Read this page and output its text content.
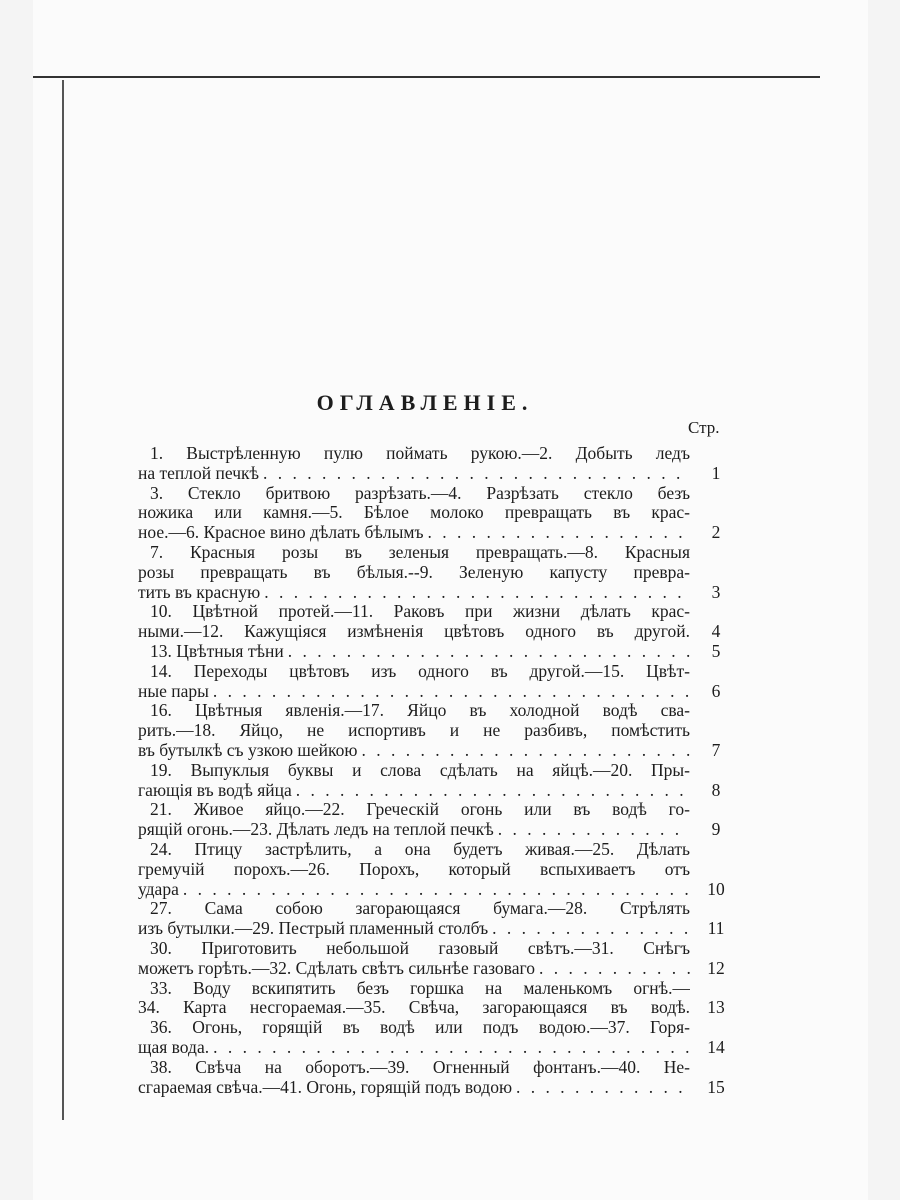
ОГЛАВЛЕНІЕ.
Стр.
1. Выстрѣленную пулю поймать рукою.—2. Добыть ледъ
на теплой печкѣ . . .	1
3. Стекло бритвою разрѣзать.—4. Разрѣзать стекло безъ
ножика или камня.—5. Бѣлое молоко превращать въ крас-
ное.—6. Красное вино дѣлать бѣлымъ . . .	2
7. Красныя розы въ зеленыя превращать.—8. Красныя
розы превращать въ бѣлыя.--9. Зеленую капусту превра-
тить въ красную . . .	3
10. Цвѣтной протей.—11. Раковъ при жизни дѣлать крас-
ными.—12. Кажущіяся измѣненія цвѣтовъ одного въ другой.	4
13. Цвѣтныя тѣни . . .	5
14. Переходы цвѣтовъ изъ одного въ другой.—15. Цвѣт-
ные пары . . .	6
16. Цвѣтныя явленія.—17. Яйцо въ холодной водѣ сва-
рить.—18. Яйцо, не испортивъ и не разбивъ, помѣстить
въ бутылкѣ съ узкою шейкою . . .	7
19. Выпуклыя буквы и слова сдѣлать на яйцѣ.—20. Пры-
гающія въ водѣ яйца . . .	8
21. Живое яйцо.—22. Греческій огонь или въ водѣ го-
рящій огонь.—23. Дѣлать ледъ на теплой печкѣ . . .	9
24. Птицу застрѣлить, а она будетъ живая.—25. Дѣлать
гремучій порохъ.—26. Порохъ, который вспыхиваетъ отъ
удара . . .	10
27. Сама собою загорающаяся бумага.—28. Стрѣлять
изъ бутылки.—29. Пестрый пламенный столбъ . . .	11
30. Приготовить небольшой газовый свѣтъ.—31. Снѣгъ
можетъ горѣть.—32. Сдѣлать свѣтъ сильнѣе газоваго . . .	12
33. Воду вскипятить безъ горшка на маленькомъ огнѣ.—
34. Карта несгораемая.—35. Свѣча, загорающаяся въ водѣ. 13
36. Огонь, горящій въ водѣ или подъ водою.—37. Горя-
щая вода. . . .	14
38. Свѣча на оборотъ.—39. Огненный фонтанъ.—40. Не-
сгараемая свѣча.—41. Огонь, горящій подъ водою . . .	15
